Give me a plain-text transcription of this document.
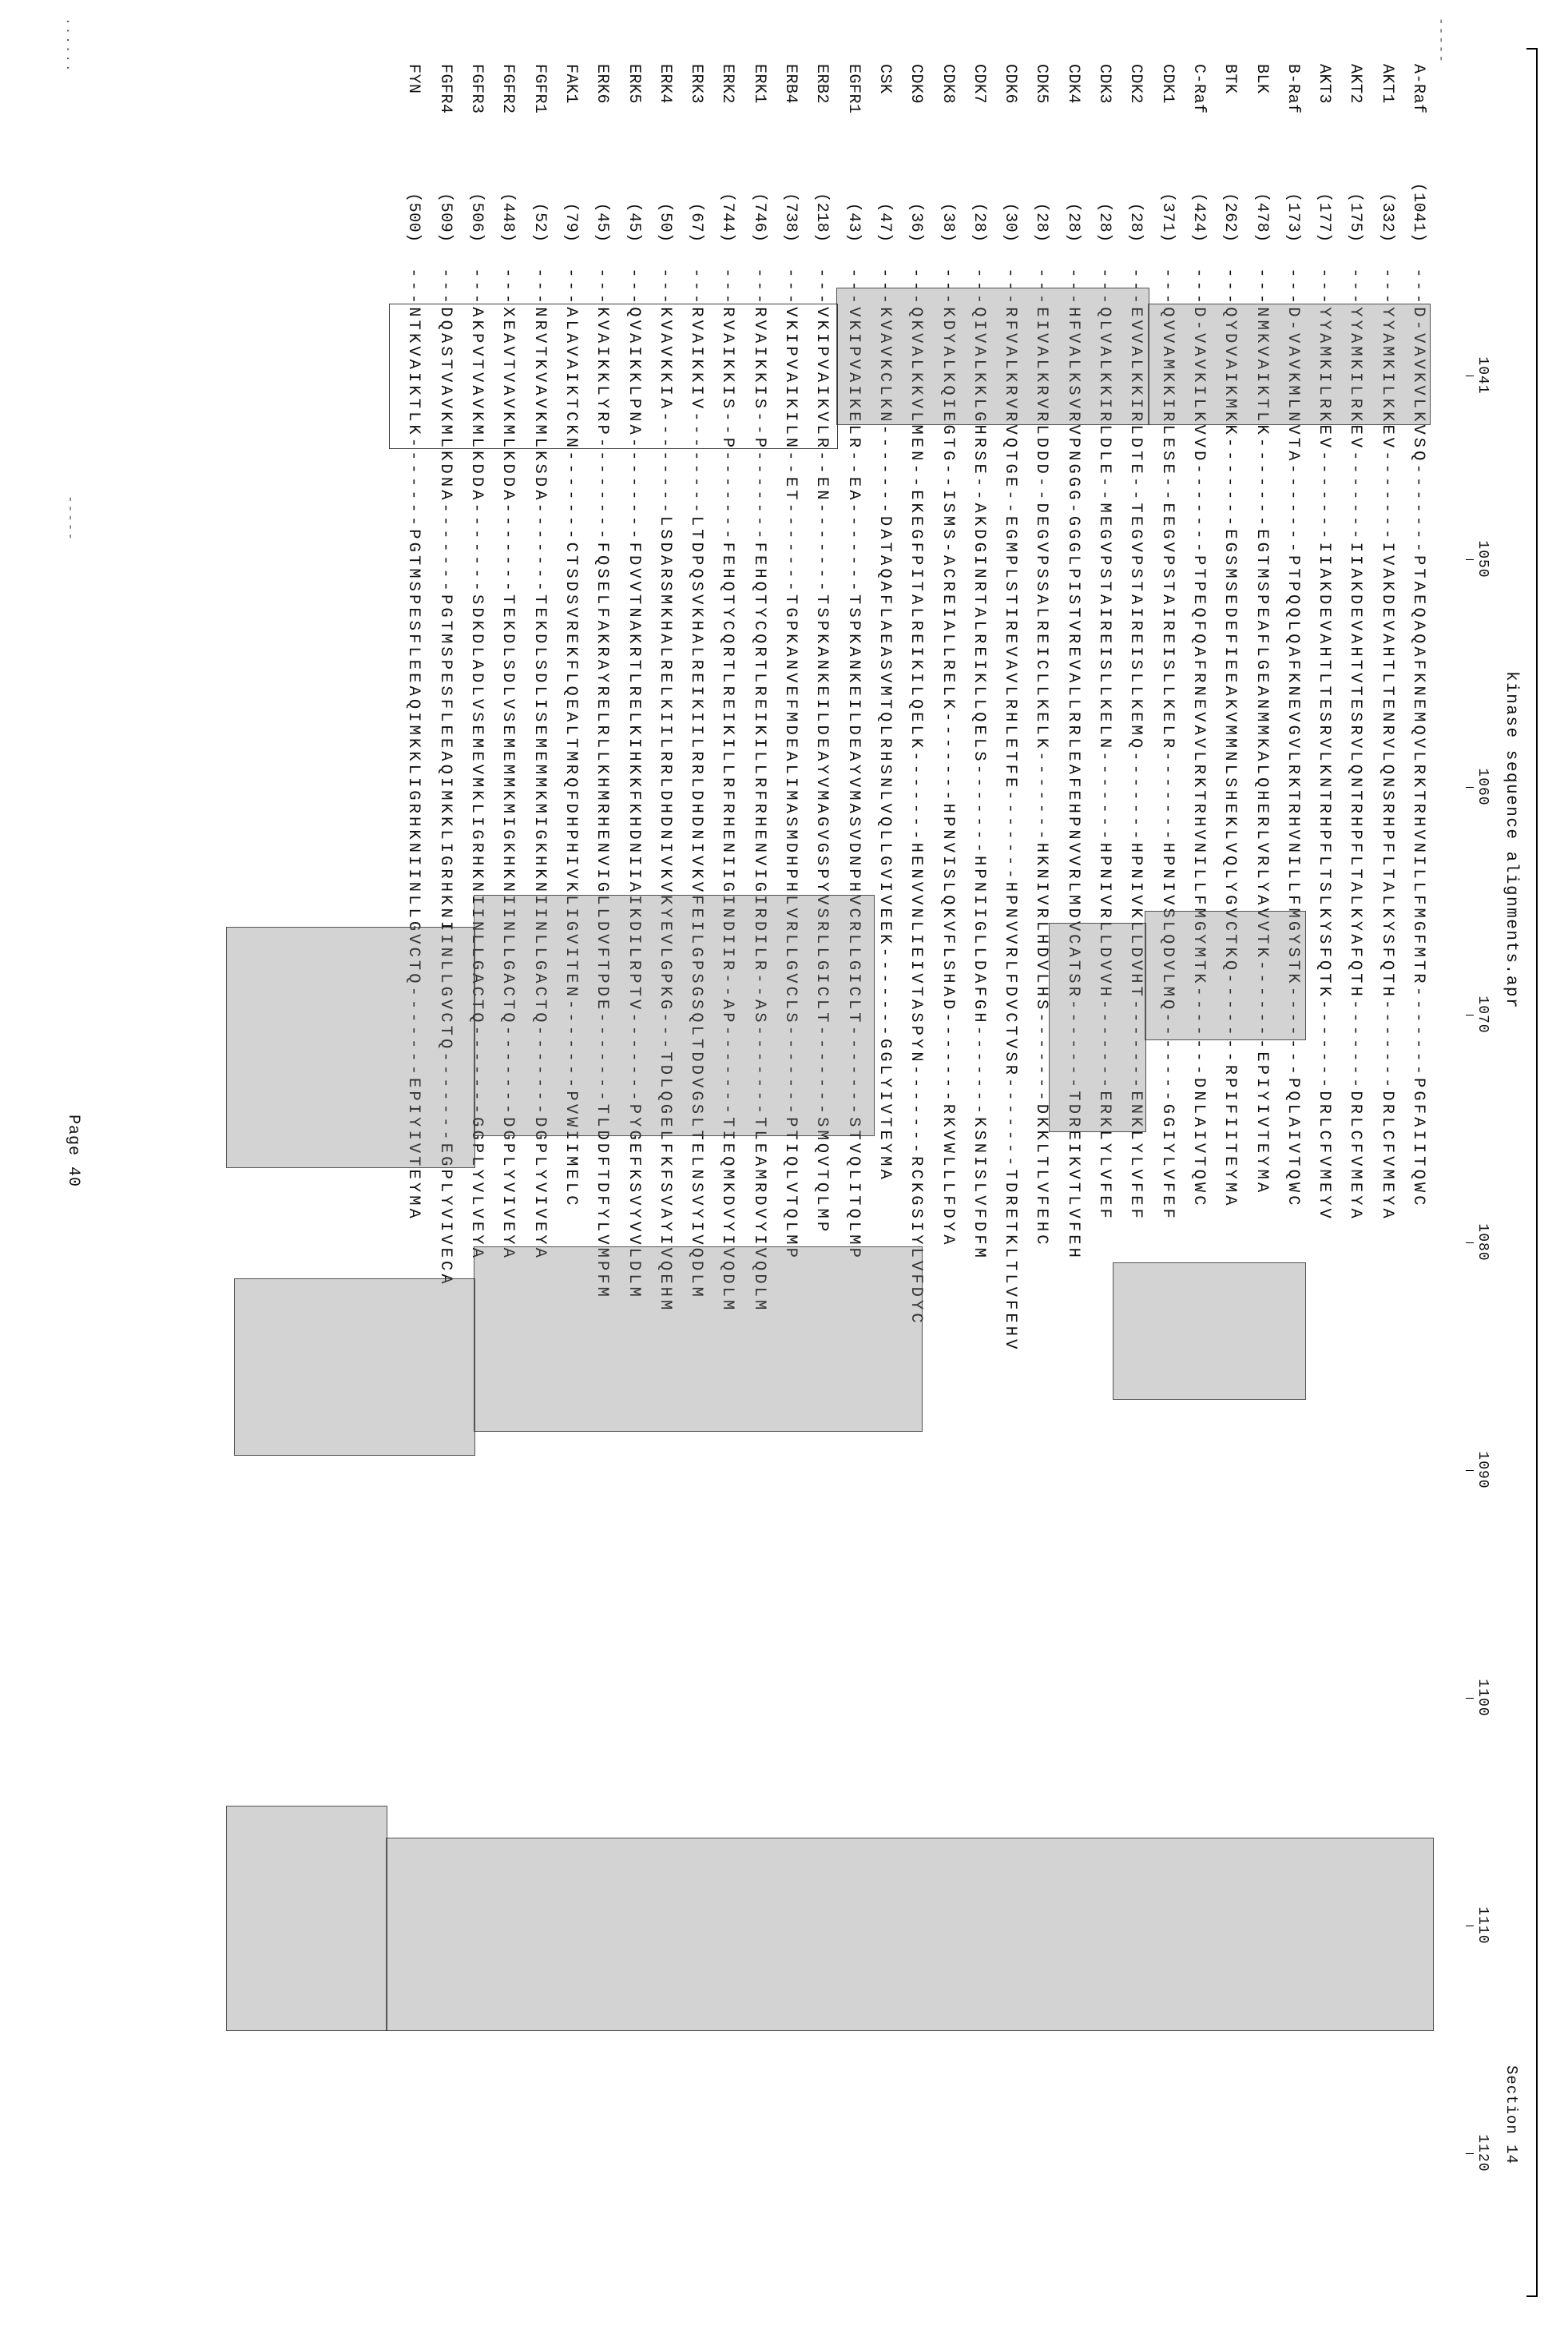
kinase sequence alignments.apr
Section 14
Page 40
-----
......
-----
1041
1050
1060
1070
1080
1090
1100
1110
1120
A-Raf (1041) ---D-VAVKVLKVSQ-------PTAEQAQAFKNEMQVLRKTRHVNILLFMGFMTR-------PGFAIITQWC
AKT1 (332) ---YYAMKILKKEV-------IVAKDEVAHTLTENRVLQNSRHPFLTALKYSFQTH-------DRLCFVMEYA
AKT2 (175) ---YYAMKILRKEV-------IIAKDEVAHTVTESRVLQNTRHPFLTALKYAFQTH-------DRLCFVMEYA
AKT3 (177) ---YYAMKILRKEV-------IIAKDEVAHTLTESRVLKNTRHPFLTSLKYSFQTK-------DRLCFVMEYV
B-Raf (173) ---D-VAVKMLNVTA-------PTPQQLQAFKNEVGVLRKTRHVNILLFMGYSTK-------PQLAIVTQWC
BLK (478) ---NMKVAIKTLK-------EGTMSPEAFLGEANMMKALQHERLVRLYAVVTK-------EPIYIVTEYMA
BTK (262) ---QYDVAIKMKK-------EGSMSEDEFIEEAKVMMNLSHEKLVQLYGVCTKQ-------RPIFIITEYMA
C-Raf (424) ---D-VAVKILKVVD-------PTPEQFQAFRNEVAVLRKTRHVNILLFMGYMTK-------DNLAIVTQWC
CDK1 (371) ---QVVAMKKIRLESE--EEGVPSTAIREISLLKELR-------HPNIVSLQDVLMQ-------GGIYLVFEF
CDK2 (28) ---EVVALKKIRLDTE--TEGVPSTAIREISLLKEMQ-------HPNIVKLLDVHT-------ENKLYLVFEF
CDK3 (28) ---QLVALKKIRLDLE--MEGVPSTAIREISLLKELN-------HPNIVRLLDVVH-------ERKLYLVFEF
CDK4 (28) ---HFVALKSVRVPNGGG-GGGLPISTVREVALLRRLEAFEHPNVVRLMDVCATSR-------TDREIKVTLVFEH
CDK5 (28) ---EIVALKRVRLDDD--DEGVPSSALREICLLKELK-------HKNIVRLHDVLHS-------DKKLTLVFEHC
CDK6 (30) ---RFVALKRVRVQTGE--EGMPLSTIREVAVLRHLETFE-------HPNVVRLFDVCTVSR-------TDRETKLTLVFEHV
CDK7 (28) ---QIVALKKLGHRSE--AKDGINRTALREIKLLQELS-------HPNIIGLLDAFGH-------KSNISLVFDFM
CDK8 (38) ---KDYALKQIEGTG--ISMS-ACREIALLRELK-------HPNVISLQKVFLSHAD-------RKVWLLLFDYA
CDK9 (36) ---QKVALKKVLMEN--EKEGFPITALREIKILQELK-------HENVVNLIEIVTASPYN-------RCKGSIYLVFDYC
CSK (47) ---KVAVKCLKN-------DATAQAFLAEASVMTQLRHSNLVQLLGVIVEEK-------GGLYIVTEYMA
EGFR1 (43) ---VKIPVAIKELR--EA-------TSPKANKEILDEAYVMASVDNPHVCRLLGICLT-------STVQLITQLMP
ERB2 (218) ---VKIPVAIKVLR--EN-------TSPKANKEILDEAYVMAGVGSPYVSRLLGICLT-------SMQVTQLMP
ERB4 (738) ---VKIPVAIKILN--ET-------TGPKANVEFMDEALIMASMDHPHLVRLLGVCLS-------PTIQLVTQLMP
ERK1 (746) ---RVAIKKIS--P-------FEHQTYCQRTLREIKILLRFRHENVIGIRDILR--AS-------TLEAMRDVYIVQDLM
ERK2 (744) ---RVAIKKIS--P-------FEHQTYCQRTLREIKILLRFRHENIIGINDIIR--AP-------TIEQMKDVYIVQDLM
ERK3 (67) ---RVAIKKIV--------LTDPQSVKHALREIKIILRRLDHDNIVKVFEILGPSGSQLTDDVGSLTELNSVYIVQDLM
ERK4 (50) ---KVAVKKIA--------LSDARSMKHALRELKIILRRLDHDNIVKVKYEVLGPKG---TDLQGELFKFSVAYIVQEHM
ERK5 (45) ---QVAIKKLPNA--------FDVVTNAKRTLRELKIHKKFKHDNIIAIKDILRPTV-------PYGEFKSVYVVLDLM
ERK6 (45) ---KVAIKKLYRP--------FQSELFAKRAYRELRLLKHMRHENVIGLLDVFTPDE-------TLDDFTDFYLVMPFM
FAK1 (79) ---ALAVAIKTCKN-------CTSDSVREKFLQEALTMRQFDHPHIVKLIGVITEN-------PVWIIMELC
FGFR1 (52) ---NRVTKVAVKMLKSDA-------TEKDLSDLISEMEMMKMIGKHKNIINLLGACTQ-------DGPLYVIVEYA
FGFR2 (448) ---XEAVTVAVKMLKDDA-------TEKDLSDLVSEMEMMKMIGKHKNIINLLGACTQ-------DGPLYVIVEYA
FGFR3 (506) ---AKPVTVAVKMLKDDA-------SDKDLADLVSEMEVMKLIGRHKNIINLLGACTQ-------GGPLYVLVEYA
FGFR4 (509) ---DQASTVAVKMLKDNA-------PGTMSPESFLEEAQIMKKLIGRHKNIINLLGVCTQ-------EGPLYVIVECA
FYN (500) ---NTKVAIKTLK-------PGTMSPESFLEEAQIMKKLIGRHKNIINLLGVCTQ-------EPIYIVTEYMA
